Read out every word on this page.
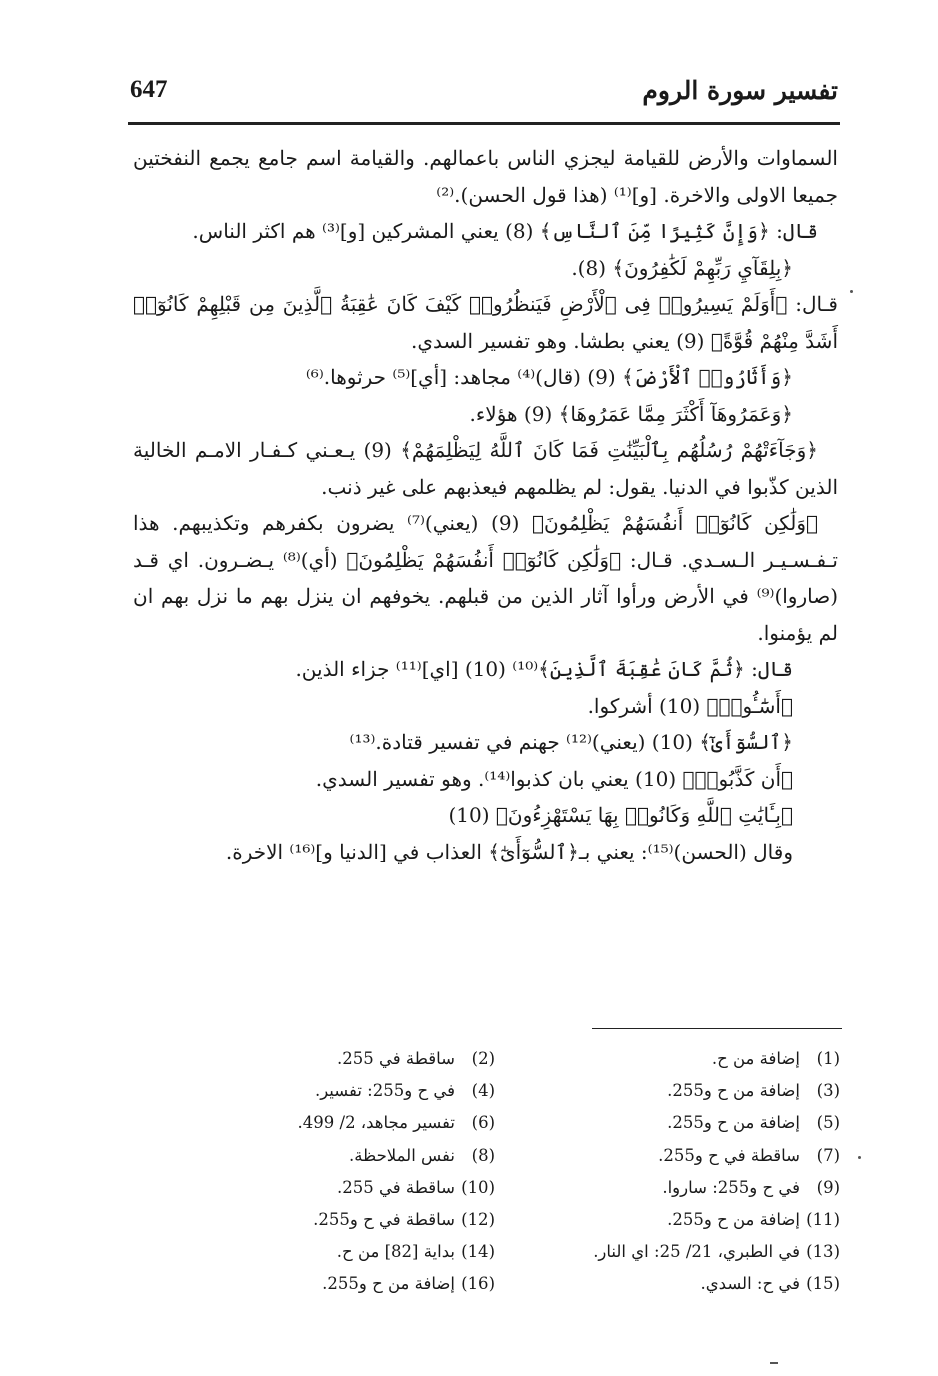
تفسير سورة الروم
647

السماوات والأرض للقيامة ليجزي الناس باعمالهم. والقيامة اسم جامع يجمع النفختين جميعا الاولى والاخرة. [و]⁽¹⁾ (هذا قول الحسن).⁽²⁾

قال: ﴿وَإِنَّ كَثِيرًا مِّنَ ٱلنَّاسِ﴾ (8) يعني المشركين [و]⁽³⁾ هم اكثر الناس.

﴿بِلِقَآيِ رَبِّهِمْ لَكَٰفِرُونَ﴾ (8).

قـال: ﴿أَوَلَمْ يَسِيرُوا۟ فِى ٱلْأَرْضِ فَيَنظُرُوا۟ كَيْفَ كَانَ عَٰقِبَةُ ٱلَّذِينَ مِن قَبْلِهِمْ كَانُوٓا۟ أَشَدَّ مِنْهُمْ قُوَّةً﴾ (9) يعني بطشا. وهو تفسير السدي.

﴿وَأَثَارُوا۟ ٱلْأَرْضَ﴾ (9) (قال)⁽⁴⁾ مجاهد: [أي]⁽⁵⁾ حرثوها.⁽⁶⁾

﴿وَعَمَرُوهَآ أَكْثَرَ مِمَّا عَمَرُوهَا﴾ (9) هؤلاء.

﴿وَجَآءَتْهُمْ رُسُلُهُم بِٱلْبَيِّنَٰتِ فَمَا كَانَ ٱللَّهُ لِيَظْلِمَهُمْ﴾ (9) يـعـني كـفـار الامـم الخالية الذين كذّبوا في الدنيا. يقول: لم يظلمهم فيعذبهم على غير ذنب.

﴿وَلَٰكِن كَانُوٓا۟ أَنفُسَهُمْ يَظْلِمُونَ﴾ (9) (يعني)⁽⁷⁾ يضرون بكفرهم وتكذيبهم. هذا تـفـسـيـر الـسـدي. قـال: ﴿وَلَٰكِن كَانُوٓا۟ أَنفُسَهُمْ يَظْلِمُونَ﴾ (أي)⁽⁸⁾ يـضـرون. اي قـد (صاروا)⁽⁹⁾ في الأرض ورأوا آثار الذين من قبلهم. يخوفهم ان ينزل بهم ما نزل بهم ان لم يؤمنوا.

قال: ﴿ثُمَّ كَانَ عَٰقِبَةَ ٱلَّذِينَ﴾⁽¹⁰⁾ (10) [اي]⁽¹¹⁾ جزاء الذين.

﴿أَسَٰٓـُٔوا۟﴾ (10) أشركوا.

﴿ٱلسُّوٓأَىٰٓ﴾ (10) (يعني)⁽¹²⁾ جهنم في تفسير قتادة.⁽¹³⁾

﴿أَن كَذَّبُوا۟﴾ (10) يعني بان كذبوا⁽¹⁴⁾. وهو تفسير السدي.

﴿بِـَٔايَٰتِ ٱللَّهِ وَكَانُوا۟ بِهَا يَسْتَهْزِءُونَ﴾ (10)

وقال (الحسن)⁽¹⁵⁾: يعني بـ﴿ٱلسُّوٓأَىٰٓ﴾ العذاب في [الدنيا و]⁽¹⁶⁾ الاخرة.

(1)إضافة من ح.
(2)ساقطة في 255.
(3)إضافة من ح و255.
(4)في ح و255: تفسير.
(5)إضافة من ح و255.
(6)تفسير مجاهد، 2/ 499.
(7)ساقطة في ح و255.
(8)نفس الملاحظة.
(9)في ح و255: ساروا.
(10)ساقطة في 255.
(11)إضافة من ح و255.
(12)ساقطة في ح و255.
(13)في الطبري، 21/ 25: اي النار.
(14)بداية [82] من ح.
(15)في ح: السدي.
(16)إضافة من ح و255.
